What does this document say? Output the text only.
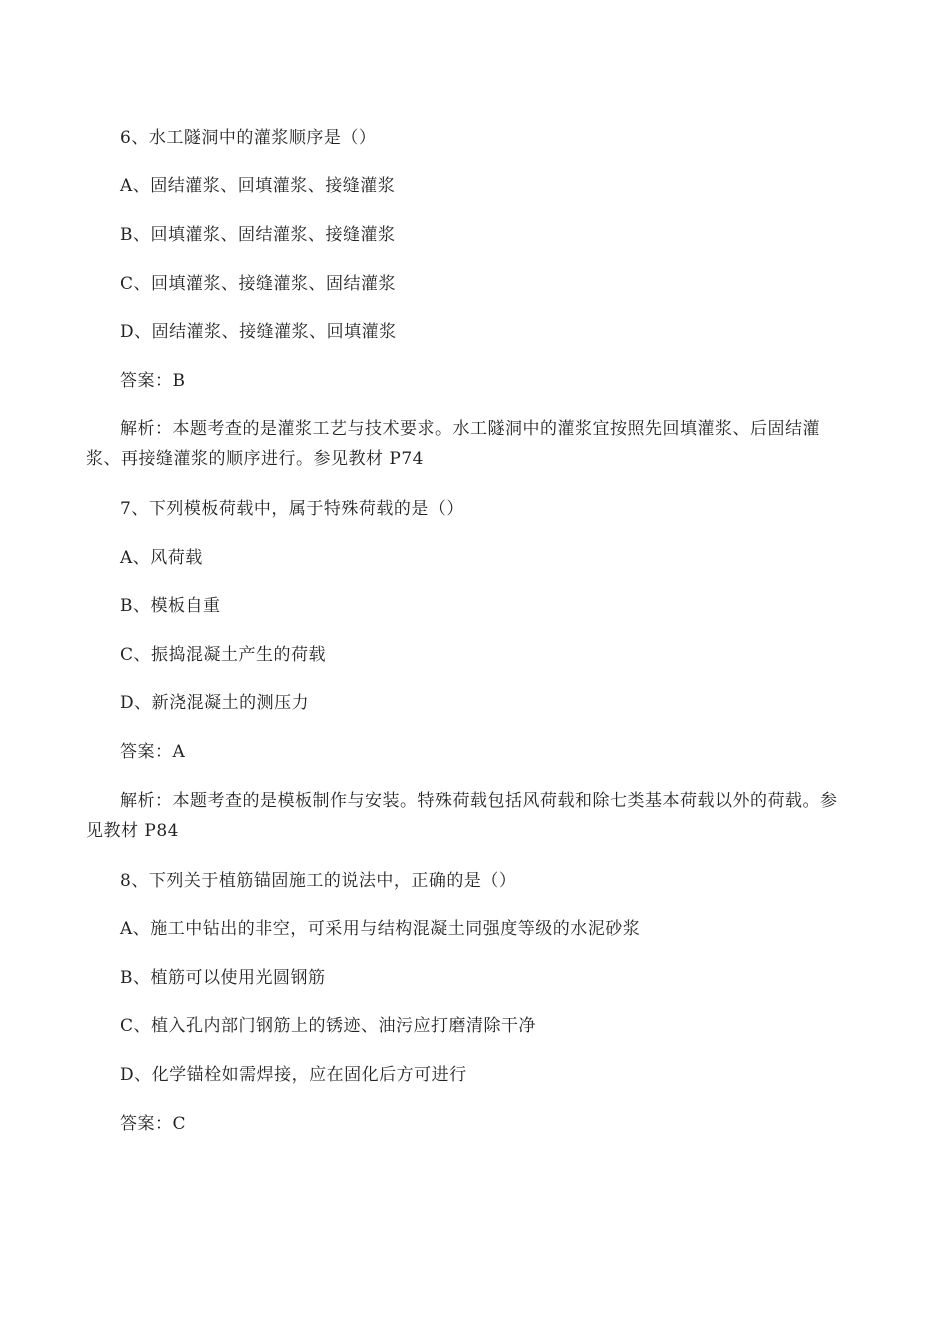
6、水工隧洞中的灌浆顺序是（）
A、固结灌浆、回填灌浆、接缝灌浆
B、回填灌浆、固结灌浆、接缝灌浆
C、回填灌浆、接缝灌浆、固结灌浆
D、固结灌浆、接缝灌浆、回填灌浆
答案：B
解析：本题考查的是灌浆工艺与技术要求。水工隧洞中的灌浆宜按照先回填灌浆、后固结灌浆、再接缝灌浆的顺序进行。参见教材 P74
7、下列模板荷载中，属于特殊荷载的是（）
A、风荷载
B、模板自重
C、振捣混凝土产生的荷载
D、新浇混凝土的测压力
答案：A
解析：本题考查的是模板制作与安装。特殊荷载包括风荷载和除七类基本荷载以外的荷载。参见教材 P84
8、下列关于植筋锚固施工的说法中，正确的是（）
A、施工中钻出的非空，可采用与结构混凝土同强度等级的水泥砂浆
B、植筋可以使用光圆钢筋
C、植入孔内部门钢筋上的锈迹、油污应打磨清除干净
D、化学锚栓如需焊接，应在固化后方可进行
答案：C
